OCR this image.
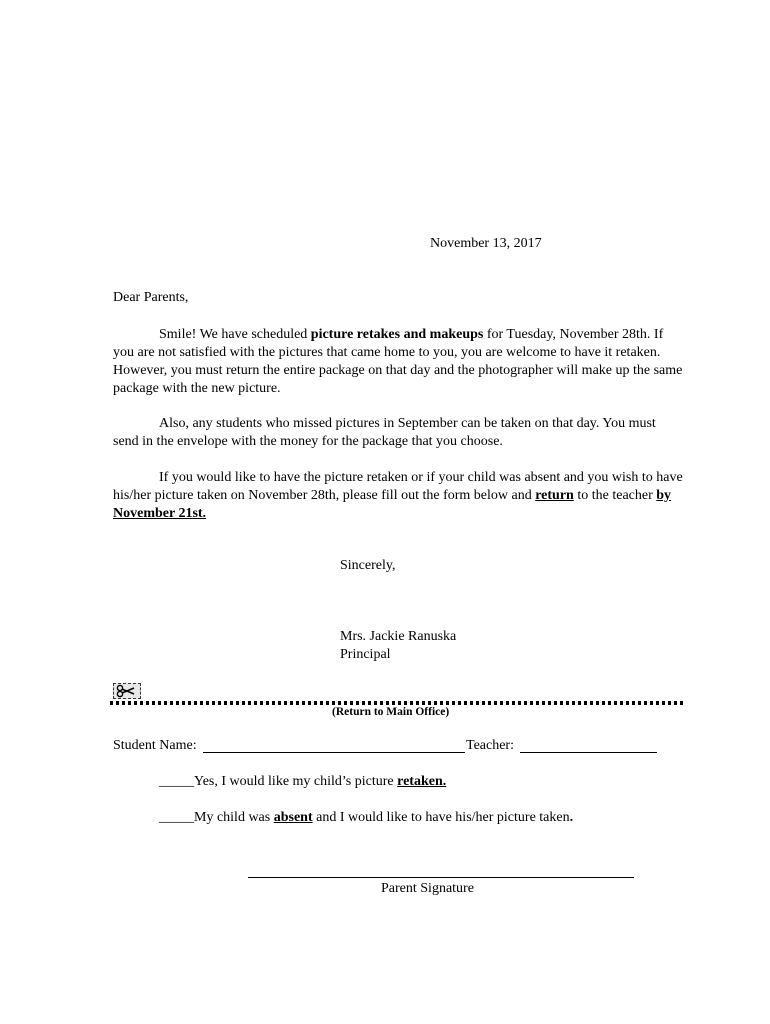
November 13, 2017
Dear Parents,

Smile! We have scheduled picture retakes and makeups for Tuesday, November 28th. If you are not satisfied with the pictures that came home to you, you are welcome to have it retaken. However, you must return the entire package on that day and the photographer will make up the same package with the new picture.

Also, any students who missed pictures in September can be taken on that day. You must send in the envelope with the money for the package that you choose.

If you would like to have the picture retaken or if your child was absent and you wish to have his/her picture taken on November 28th, please fill out the form below and return to the teacher by November 21st.

Sincerely,
Mrs. Jackie Ranuska
Principal
(Return to Main Office)
Student Name:	Teacher:
_____Yes, I would like my child’s picture retaken.
_____My child was absent and I would like to have his/her picture taken.
Parent Signature
